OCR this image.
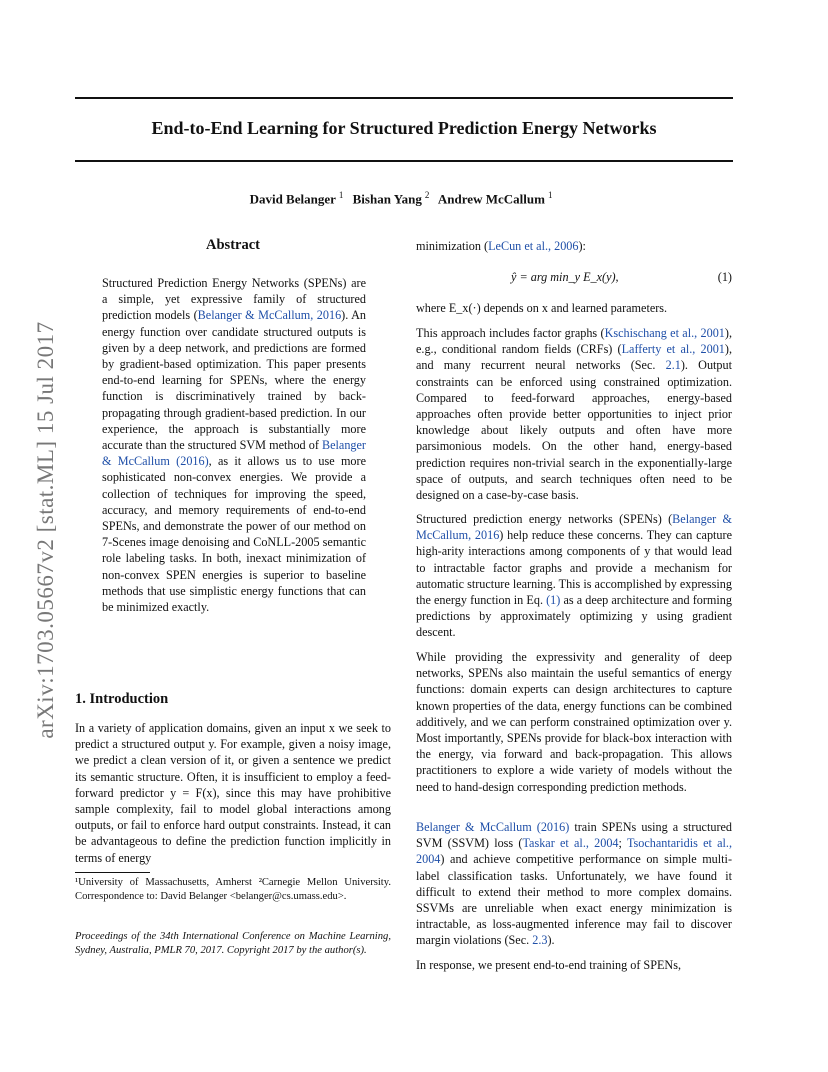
End-to-End Learning for Structured Prediction Energy Networks
David Belanger $^1$ Bishan Yang $^2$ Andrew McCallum $^1$
arXiv:1703.05667v2 [stat.ML] 15 Jul 2017
Abstract

Structured Prediction Energy Networks (SPENs) are a simple, yet expressive family of structured prediction models (Belanger & McCallum, 2016). An energy function over candidate structured outputs is given by a deep network, and predictions are formed by gradient-based optimization. This paper presents end-to-end learning for SPENs, where the energy function is discriminatively trained by back-propagating through gradient-based prediction. In our experience, the approach is substantially more accurate than the structured SVM method of Belanger & McCallum (2016), as it allows us to use more sophisticated non-convex energies. We provide a collection of techniques for improving the speed, accuracy, and memory requirements of end-to-end SPENs, and demonstrate the power of our method on 7-Scenes image denoising and CoNLL-2005 semantic role labeling tasks. In both, inexact minimization of non-convex SPEN energies is superior to baseline methods that use simplistic energy functions that can be minimized exactly.

1. Introduction

In a variety of application domains, given an input x we seek to predict a structured output y. For example, given a noisy image, we predict a clean version of it, or given a sentence we predict its semantic structure. Often, it is insufficient to employ a feed-forward predictor y = F(x), since this may have prohibitive sample complexity, fail to model global interactions among outputs, or fail to enforce hard output constraints. Instead, it can be advantageous to define the prediction function implicitly in terms of energy

¹University of Massachusetts, Amherst ²Carnegie Mellon University. Correspondence to: David Belanger <belanger@cs.umass.edu>.

Proceedings of the 34th International Conference on Machine Learning, Sydney, Australia, PMLR 70, 2017. Copyright 2017 by the author(s).

minimization (LeCun et al., 2006):

ŷ = arg min_y E_x(y),	(1)

where E_x(·) depends on x and learned parameters.

This approach includes factor graphs (Kschischang et al., 2001), e.g., conditional random fields (CRFs) (Lafferty et al., 2001), and many recurrent neural networks (Sec. 2.1). Output constraints can be enforced using constrained optimization. Compared to feed-forward approaches, energy-based approaches often provide better opportunities to inject prior knowledge about likely outputs and often have more parsimonious models. On the other hand, energy-based prediction requires non-trivial search in the exponentially-large space of outputs, and search techniques often need to be designed on a case-by-case basis.

Structured prediction energy networks (SPENs) (Belanger & McCallum, 2016) help reduce these concerns. They can capture high-arity interactions among components of y that would lead to intractable factor graphs and provide a mechanism for automatic structure learning. This is accomplished by expressing the energy function in Eq. (1) as a deep architecture and forming predictions by approximately optimizing y using gradient descent.

While providing the expressivity and generality of deep networks, SPENs also maintain the useful semantics of energy functions: domain experts can design architectures to capture known properties of the data, energy functions can be combined additively, and we can perform constrained optimization over y. Most importantly, SPENs provide for black-box interaction with the energy, via forward and back-propagation. This allows practitioners to explore a wide variety of models without the need to hand-design corresponding prediction methods.

Belanger & McCallum (2016) train SPENs using a structured SVM (SSVM) loss (Taskar et al., 2004; Tsochantaridis et al., 2004) and achieve competitive performance on simple multi-label classification tasks. Unfortunately, we have found it difficult to extend their method to more complex domains. SSVMs are unreliable when exact energy minimization is intractable, as loss-augmented inference may fail to discover margin violations (Sec. 2.3).

In response, we present end-to-end training of SPENs,
